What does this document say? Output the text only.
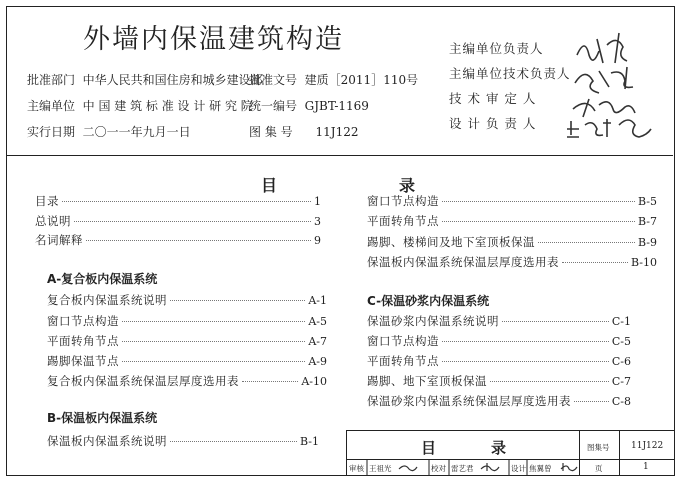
外墙内保温建筑构造
批准部门 中华人民共和国住房和城乡建设部
批准文号 建质［2011］110号
主编单位 中 国 建 筑 标 准 设 计 研 究 院
统一编号 GJBT-1169
实行日期 二〇一一年九月一日	图 集 号 11J122
主编单位负责人
主编单位技术负责人
技 术 审 定 人
设 计 负 责 人
目	录
目录	1
总说明	3
名词解释	9
A-复合板内保温系统
复合板内保温系统说明	A-1
窗口节点构造	A-5
平面转角节点	A-7
踢脚保温节点	A-9
复合板内保温系统保温层厚度选用表	A-10
B-保温板内保温系统
保温板内保温系统说明	B-1
窗口节点构造	B-5
平面转角节点	B-7
踢脚、楼梯间及地下室顶板保温	B-9
保温板内保温系统保温层厚度选用表	B-10
C-保温砂浆内保温系统
保温砂浆内保温系统说明	C-1
窗口节点构造	C-5
平面转角节点	C-6
踢脚、地下室顶板保温	C-7
保温砂浆内保温系统保温层厚度选用表	C-8
目	录	图集号 11J122
页	1
审核 王祖光	校对 雷艺君	设计 焦翼曾
